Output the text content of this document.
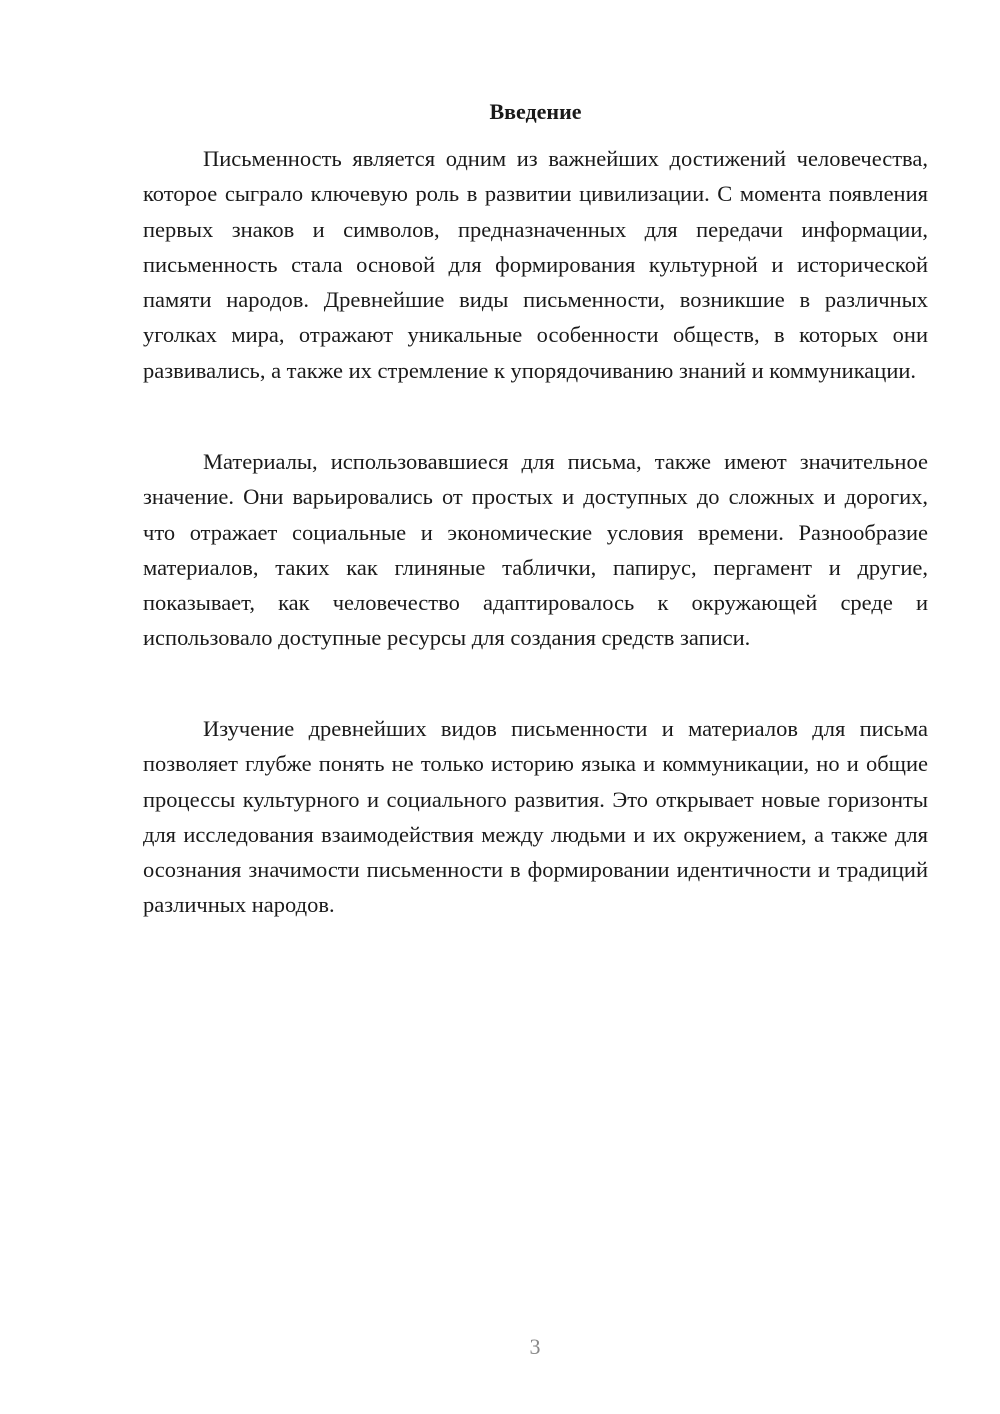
Введение

Письменность является одним из важнейших достижений человечества, которое сыграло ключевую роль в развитии цивилизации. С момента появления первых знаков и символов, предназначенных для передачи информации, письменность стала основой для формирования культурной и исторической памяти народов. Древнейшие виды письменности, возникшие в различных уголках мира, отражают уникальные особенности обществ, в которых они развивались, а также их стремление к упорядочиванию знаний и коммуникации.

Материалы, использовавшиеся для письма, также имеют значительное значение. Они варьировались от простых и доступных до сложных и дорогих, что отражает социальные и экономические условия времени. Разнообразие материалов, таких как глиняные таблички, папирус, пергамент и другие, показывает, как человечество адаптировалось к окружающей среде и использовало доступные ресурсы для создания средств записи.

Изучение древнейших видов письменности и материалов для письма позволяет глубже понять не только историю языка и коммуникации, но и общие процессы культурного и социального развития. Это открывает новые горизонты для исследования взаимодействия между людьми и их окружением, а также для осознания значимости письменности в формировании идентичности и традиций различных народов.

3
